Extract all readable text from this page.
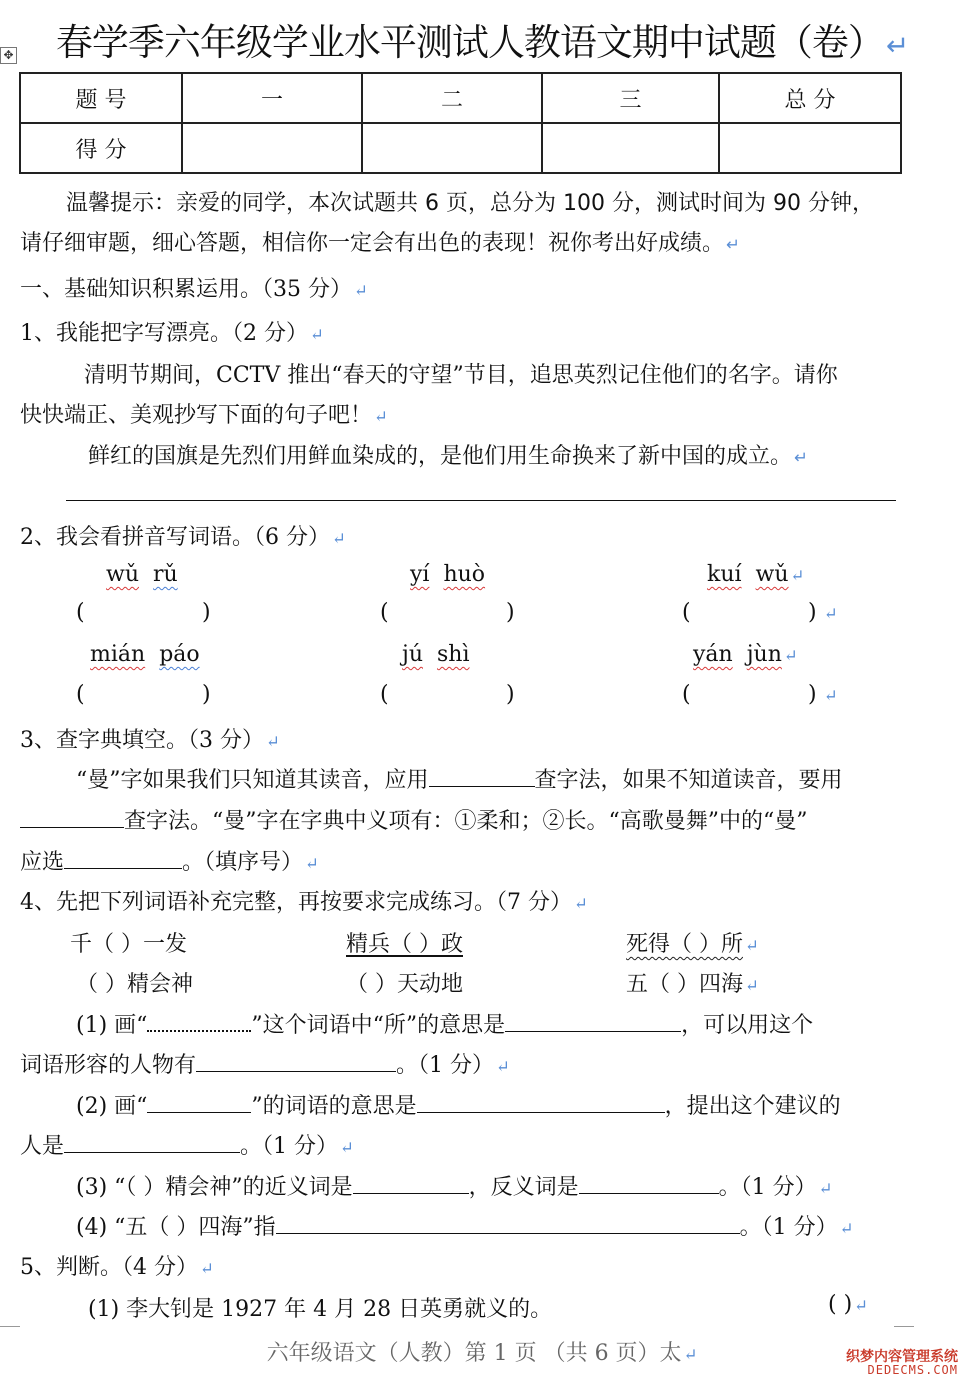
✥	春学季六年级学业水平测试人教语文期中试题（卷）↵
题 号	一	二	三	总 分
得 分				
温馨提示：亲爱的同学，本次试题共 6 页，总分为 100 分，测试时间为 90 分钟，
请仔细审题，细心答题，相信你一定会有出色的表现！祝你考出好成绩。 ↵
一、基础知识积累运用。（35 分） ↵
1、我能把字写漂亮。（2 分） ↵
清明节期间，CCTV 推出“春天的守望”节目，追思英烈记住他们的名字。请你
快快端正、美观抄写下面的句子吧！ ↵
鲜红的国旗是先烈们用鲜血染成的，是他们用生命换来了新中国的成立。 ↵
2、我会看拼音写词语。（6 分） ↵
wǔ rǔ	yí huò	kuí wǔ ↵
(	)	(	)	(	) ↵
mián páo	jú shì	yán jùn ↵
(	)	(	)	(	) ↵
3、查字典填空。（3 分） ↵
“曼”字如果我们只知道其读音，应用	查字法，如果不知道读音，要用
查字法。“曼”字在字典中义项有：①柔和；②长。“高歌曼舞”中的“曼”
应选	。（填序号） ↵
4、先把下列词语补充完整，再按要求完成练习。（7 分） ↵
千（ ）一发	精兵（ ）政	死得（ ）所 ↵
（ ）精会神	（ ）天动地	五（ ）四海 ↵
(1) 画“	”这个词语中“所”的意思是	，可以用这个
词语形容的人物有	。（1 分） ↵
(2) 画“	”的词语的意思是	，提出这个建议的
人是	。（1 分） ↵
(3) “（ ）精会神”的近义词是	，反义词是	。（1 分） ↵
(4) “五（ ）四海”指	。（1 分） ↵
5、判断。（4 分） ↵
(1) 李大钊是 1927 年 4 月 28 日英勇就义的。	( ) ↵
六年级语文（人教）第 1 页 （共 6 页）太 ↵	织梦内容管理系统
DEDECMS.COM
